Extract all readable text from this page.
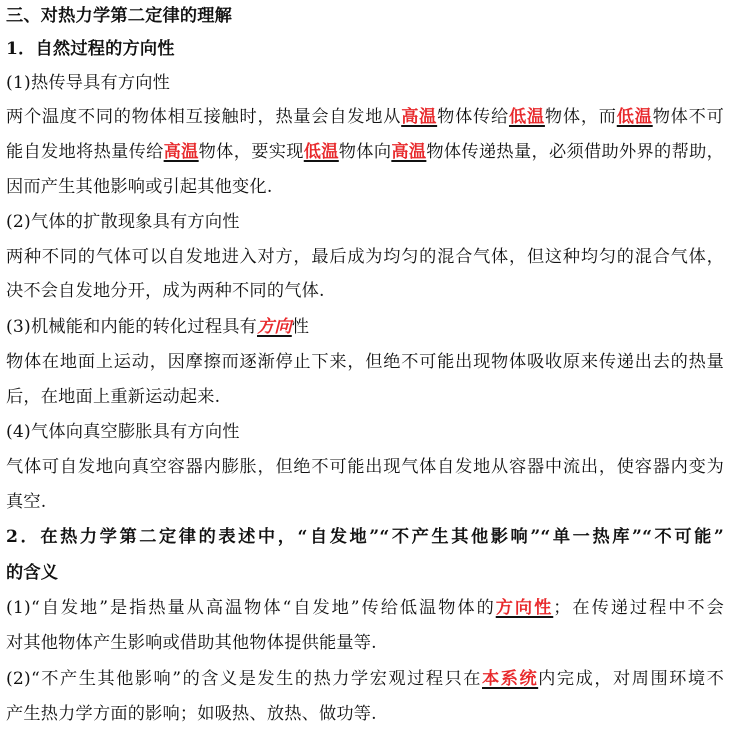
三、对热力学第二定律的理解
1．自然过程的方向性
(1)热传导具有方向性
两个温度不同的物体相互接触时，热量会自发地从高温物体传给低温物体，而低温物体不可
能自发地将热量传给高温物体，要实现低温物体向高温物体传递热量，必须借助外界的帮助，
因而产生其他影响或引起其他变化.
(2)气体的扩散现象具有方向性
两种不同的气体可以自发地进入对方，最后成为均匀的混合气体，但这种均匀的混合气体，
决不会自发地分开，成为两种不同的气体.
(3)机械能和内能的转化过程具有方向性
物体在地面上运动，因摩擦而逐渐停止下来，但绝不可能出现物体吸收原来传递出去的热量
后，在地面上重新运动起来.
(4)气体向真空膨胀具有方向性
气体可自发地向真空容器内膨胀，但绝不可能出现气体自发地从容器中流出，使容器内变为
真空.
2．在热力学第二定律的表述中，“自发地”“不产生其他影响”“单一热库”“不可能”
的含义
(1)“自发地”是指热量从高温物体“自发地”传给低温物体的方向性；在传递过程中不会
对其他物体产生影响或借助其他物体提供能量等.
(2)“不产生其他影响”的含义是发生的热力学宏观过程只在本系统内完成，对周围环境不
产生热力学方面的影响；如吸热、放热、做功等.
